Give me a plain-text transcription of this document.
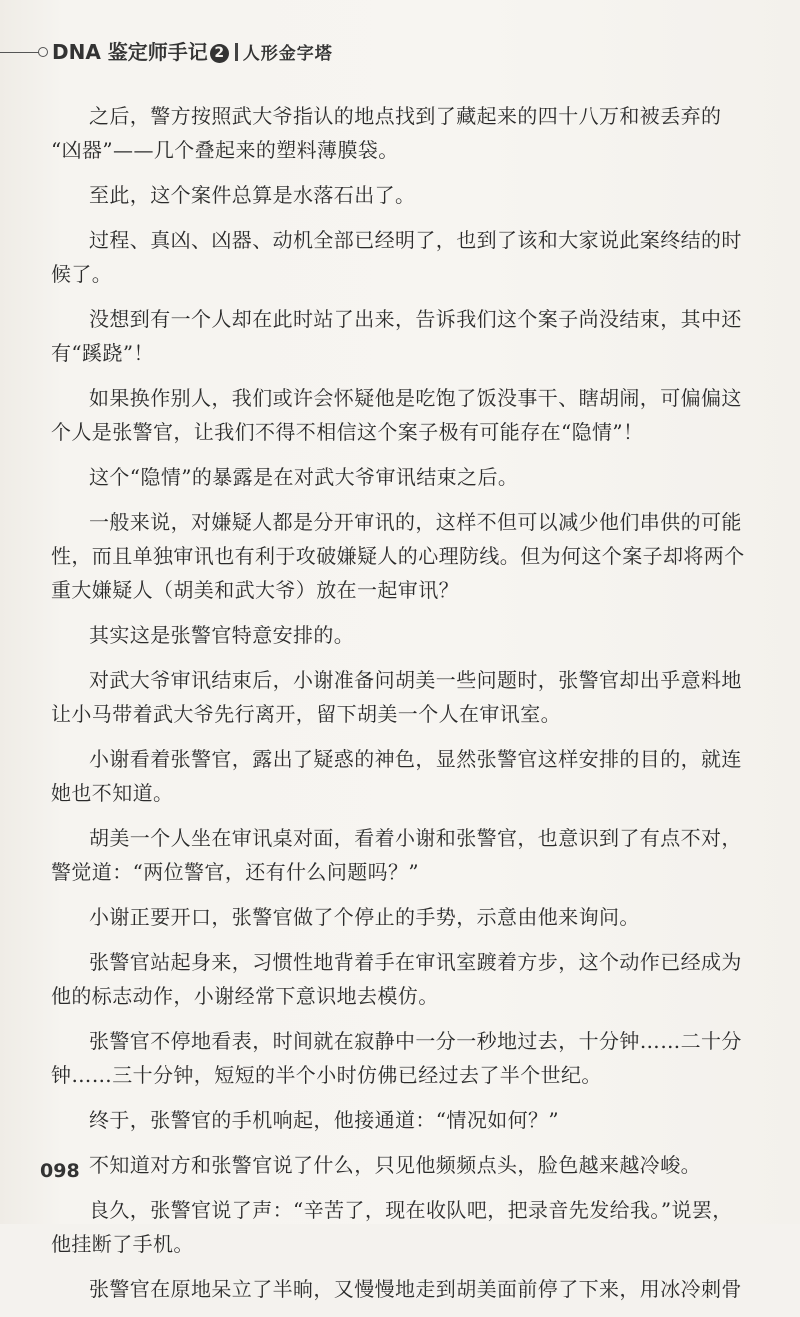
DNA 鉴定师手记 2 人形金字塔
之后，警方按照武大爷指认的地点找到了藏起来的四十八万和被丢弃的
“凶器”——几个叠起来的塑料薄膜袋。
至此，这个案件总算是水落石出了。
过程、真凶、凶器、动机全部已经明了，也到了该和大家说此案终结的时
候了。
没想到有一个人却在此时站了出来，告诉我们这个案子尚没结束，其中还
有“蹊跷”！
如果换作别人，我们或许会怀疑他是吃饱了饭没事干、瞎胡闹，可偏偏这
个人是张警官，让我们不得不相信这个案子极有可能存在“隐情”！
这个“隐情”的暴露是在对武大爷审讯结束之后。
一般来说，对嫌疑人都是分开审讯的，这样不但可以减少他们串供的可能
性，而且单独审讯也有利于攻破嫌疑人的心理防线。但为何这个案子却将两个
重大嫌疑人（胡美和武大爷）放在一起审讯？
其实这是张警官特意安排的。
对武大爷审讯结束后，小谢准备问胡美一些问题时，张警官却出乎意料地
让小马带着武大爷先行离开，留下胡美一个人在审讯室。
小谢看着张警官，露出了疑惑的神色，显然张警官这样安排的目的，就连
她也不知道。
胡美一个人坐在审讯桌对面，看着小谢和张警官，也意识到了有点不对，
警觉道：“两位警官，还有什么问题吗？”
小谢正要开口，张警官做了个停止的手势，示意由他来询问。
张警官站起身来，习惯性地背着手在审讯室踱着方步，这个动作已经成为
他的标志动作，小谢经常下意识地去模仿。
张警官不停地看表，时间就在寂静中一分一秒地过去，十分钟……二十分
钟……三十分钟，短短的半个小时仿佛已经过去了半个世纪。
终于，张警官的手机响起，他接通道：“情况如何？”
不知道对方和张警官说了什么，只见他频频点头，脸色越来越冷峻。
良久，张警官说了声：“辛苦了，现在收队吧，把录音先发给我。”说罢，
他挂断了手机。
张警官在原地呆立了半晌，又慢慢地走到胡美面前停了下来，用冰冷刺骨
098
